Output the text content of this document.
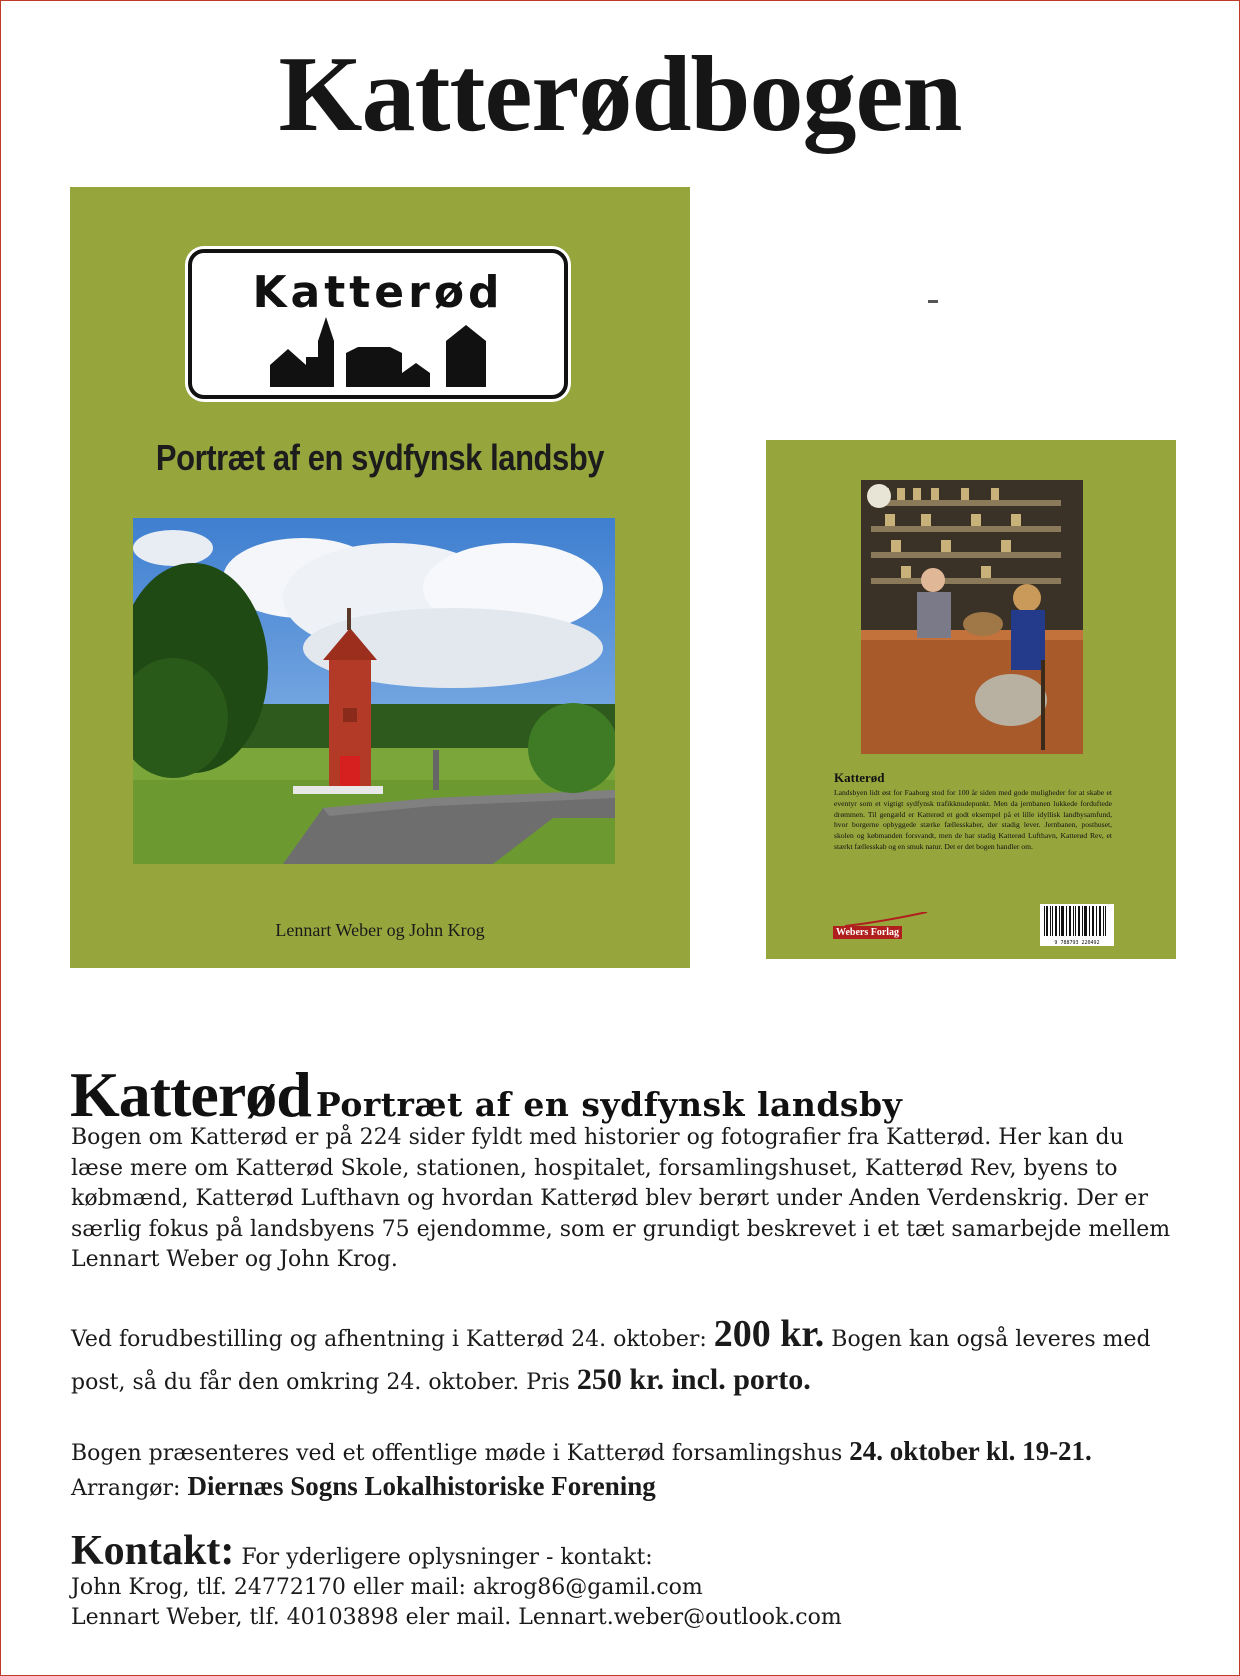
Katterødbogen
Katterød
Portræt af en sydfynsk landsby
Lennart Weber og John Krog
Katterød
Landsbyen lidt øst for Faaborg stod for 100 år siden med gode muligheder for at skabe et eventyr som et vigtigt sydfynsk trafikknudepunkt. Men da jernbanen lukkede forduftede drømmen. Til gengæld er Katterød et godt eksempel på et lille idyllisk landbysamfund, hvor borgerne opbyggede stærke fællesskaber, der stadig lever. Jernbanen, posthuset, skolen og købmanden forsvandt, men de har stadig Katterød Lufthavn, Katterød Rev, et stærkt fællesskab og en smuk natur. Det er det bogen handler om.
Webers Forlag
9 788793 220492
Katterød Portræt af en sydfynsk landsby
Bogen om Katterød er på 224 sider fyldt med historier og fotografier fra Katterød. Her kan du læse mere om Katterød Skole, stationen, hospitalet, forsamlingshuset, Katterød Rev, byens to købmænd, Katterød Lufthavn og hvordan Katterød blev berørt under Anden Verdenskrig. Der er særlig fokus på landsbyens 75 ejendomme, som er grundigt beskrevet i et tæt samarbejde mellem Lennart Weber og John Krog.
Ved forudbestilling og afhentning i Katterød 24. oktober: 200 kr. Bogen kan også leveres med post, så du får den omkring 24. oktober. Pris 250 kr. incl. porto.
Bogen præsenteres ved et offentlige møde i Katterød forsamlingshus 24. oktober kl. 19-21.
Arrangør: Diernæs Sogns Lokalhistoriske Forening
Kontakt: For yderligere oplysninger - kontakt:
John Krog, tlf. 24772170 eller mail: akrog86@gamil.com
Lennart Weber, tlf. 40103898 eler mail. Lennart.weber@outlook.com
